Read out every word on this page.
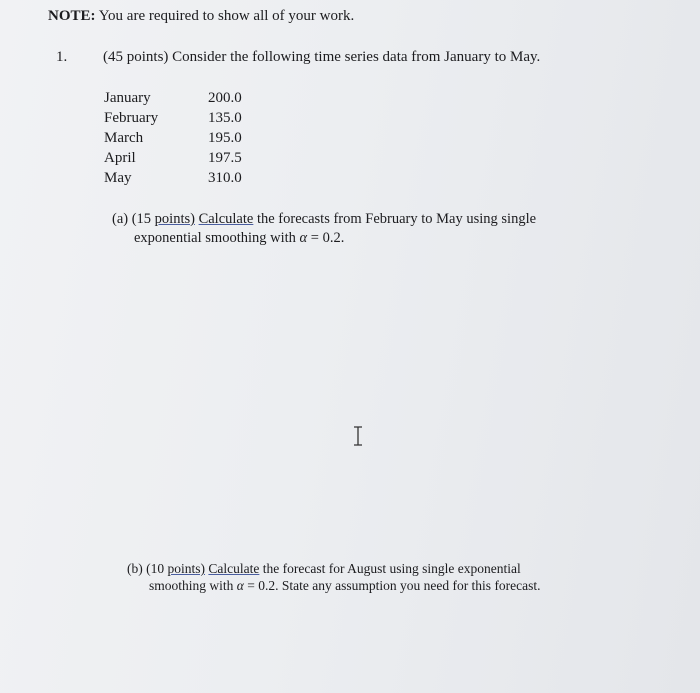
NOTE: You are required to show all of your work.
1. (45 points) Consider the following time series data from January to May.
January	200.0
February	135.0
March	195.0
April	197.5
May	310.0
(a) (15 points) Calculate the forecasts from February to May using single
exponential smoothing with α = 0.2.
(b) (10 points) Calculate the forecast for August using single exponential
smoothing with α = 0.2. State any assumption you need for this forecast.
